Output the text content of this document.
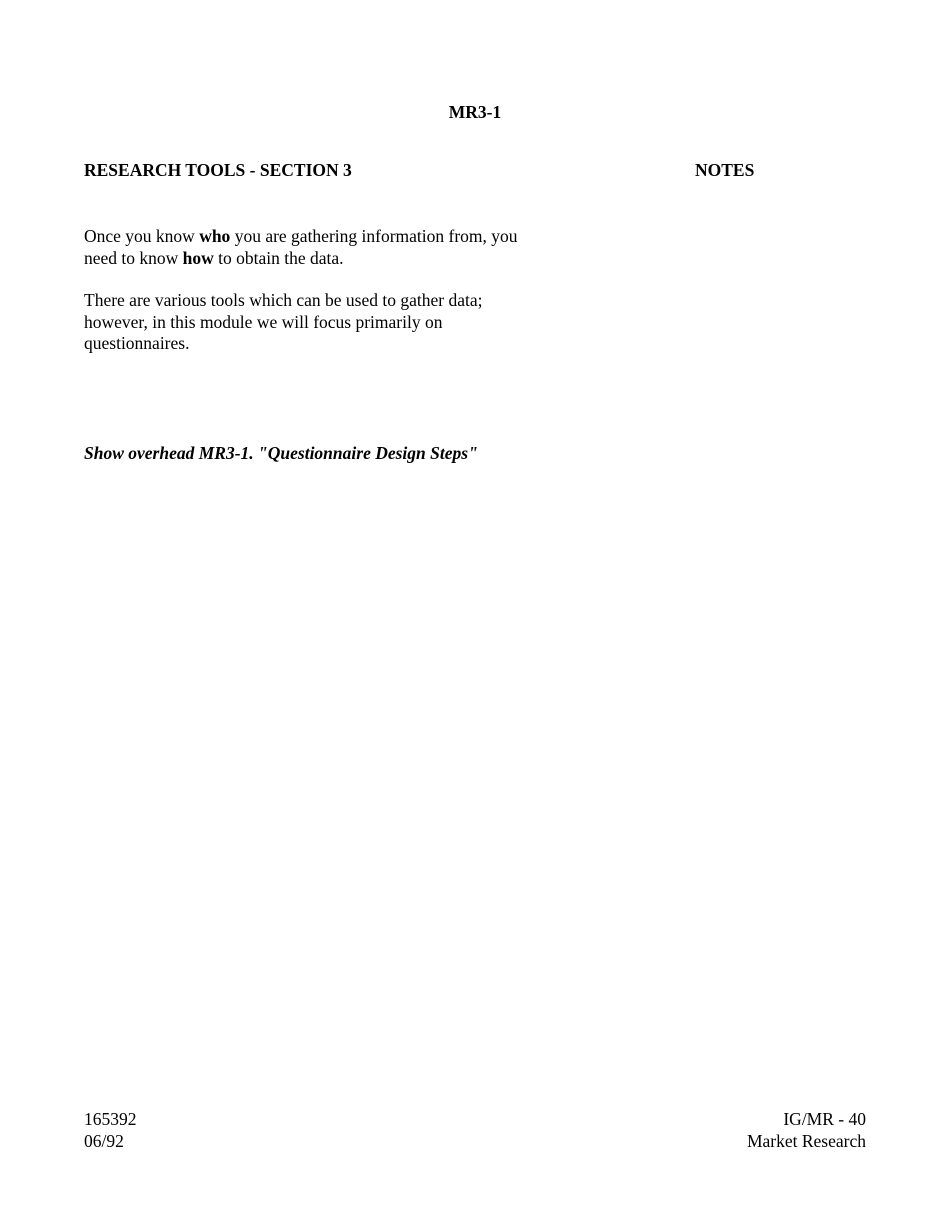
MR3-1
RESEARCH TOOLS - SECTION 3	NOTES
Once you know who you are gathering information from, you
need to know how to obtain the data.
There are various tools which can be used to gather data;
however, in this module we will focus primarily on
questionnaires.
Show overhead MR3-1. "Questionnaire Design Steps"
165392
06/92
IG/MR - 40
Market Research
